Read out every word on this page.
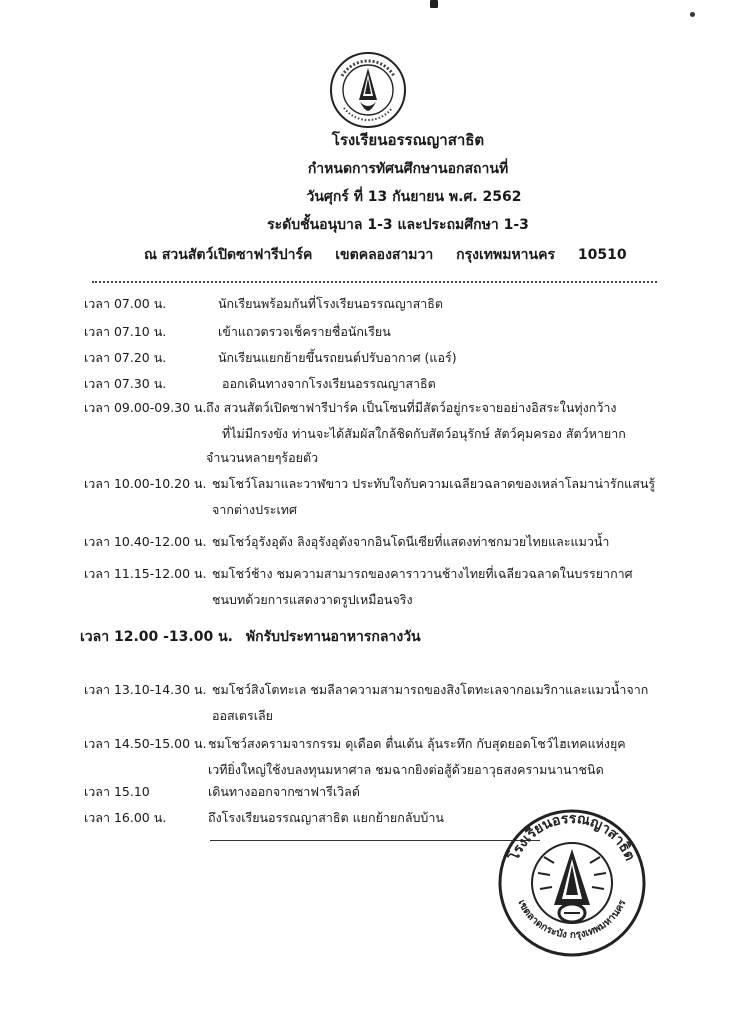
โรงเรียนอรรณญาสาธิต
กำหนดการทัศนศึกษานอกสถานที่
วันศุกร์ ที่ 13 กันยายน พ.ศ. 2562
ระดับชั้นอนุบาล 1-3 และประถมศึกษา 1-3
ณ สวนสัตว์เปิดซาฟารีปาร์ค เขตคลองสามวา กรุงเทพมหานคร 10510
เวลา 07.00 น.	นักเรียนพร้อมกันที่โรงเรียนอรรณญาสาธิต
เวลา 07.10 น.	เข้าแถวตรวจเช็ครายชื่อนักเรียน
เวลา 07.20 น.	นักเรียนแยกย้ายขึ้นรถยนต์ปรับอากาศ (แอร์)
เวลา 07.30 น.	ออกเดินทางจากโรงเรียนอรรณญาสาธิต
เวลา 09.00-09.30 น. ถึง สวนสัตว์เปิดซาฟารีปาร์ค เป็นโซนที่มีสัตว์อยู่กระจายอย่างอิสระในทุ่งกว้าง
ที่ไม่มีกรงขัง ท่านจะได้สัมผัสใกล้ชิดกับสัตว์อนุรักษ์ สัตว์คุมครอง สัตว์หายาก
จำนวนหลายๆร้อยตัว
เวลา 10.00-10.20 น. ชมโชว์โลมาและวาฬขาว ประทับใจกับความเฉลียวฉลาดของเหล่าโลมาน่ารักแสนรู้
จากต่างประเทศ
เวลา 10.40-12.00 น. ชมโชว์อุรังอุตัง ลิงอุรังอุตังจากอินโดนีเซียที่แสดงท่าชกมวยไทยและแมวน้ำ
เวลา 11.15-12.00 น. ชมโชว์ช้าง ชมความสามารถของคาราวานช้างไทยที่เฉลียวฉลาดในบรรยากาศ
ชนบทด้วยการแสดงวาดรูปเหมือนจริง
เวลา 12.00 -13.00 น. พักรับประทานอาหารกลางวัน
เวลา 13.10-14.30 น. ชมโชว์สิงโตทะเล ชมลีลาความสามารถของสิงโตทะเลจากอเมริกาและแมวน้ำจาก
ออสเตรเลีย
เวลา 14.50-15.00 น. ชมโชว์สงครามจารกรรม ดุเดือด ตื่นเต้น ลุ้นระทึก กับสุดยอดโชว์ไฮเทคแห่งยุค
เวทียิ่งใหญ่ใช้งบลงทุนมหาศาล ชมฉากยิงต่อสู้ด้วยอาวุธสงครามนานาชนิด
เวลา 15.10	เดินทางออกจากซาฟารีเวิลด์
เวลา 16.00 น.	ถึงโรงเรียนอรรณญาสาธิต แยกย้ายกลับบ้าน
โรงเรียนอรรณญาสาธิต
เขตลาดกระบัง กรุงเทพมหานคร
